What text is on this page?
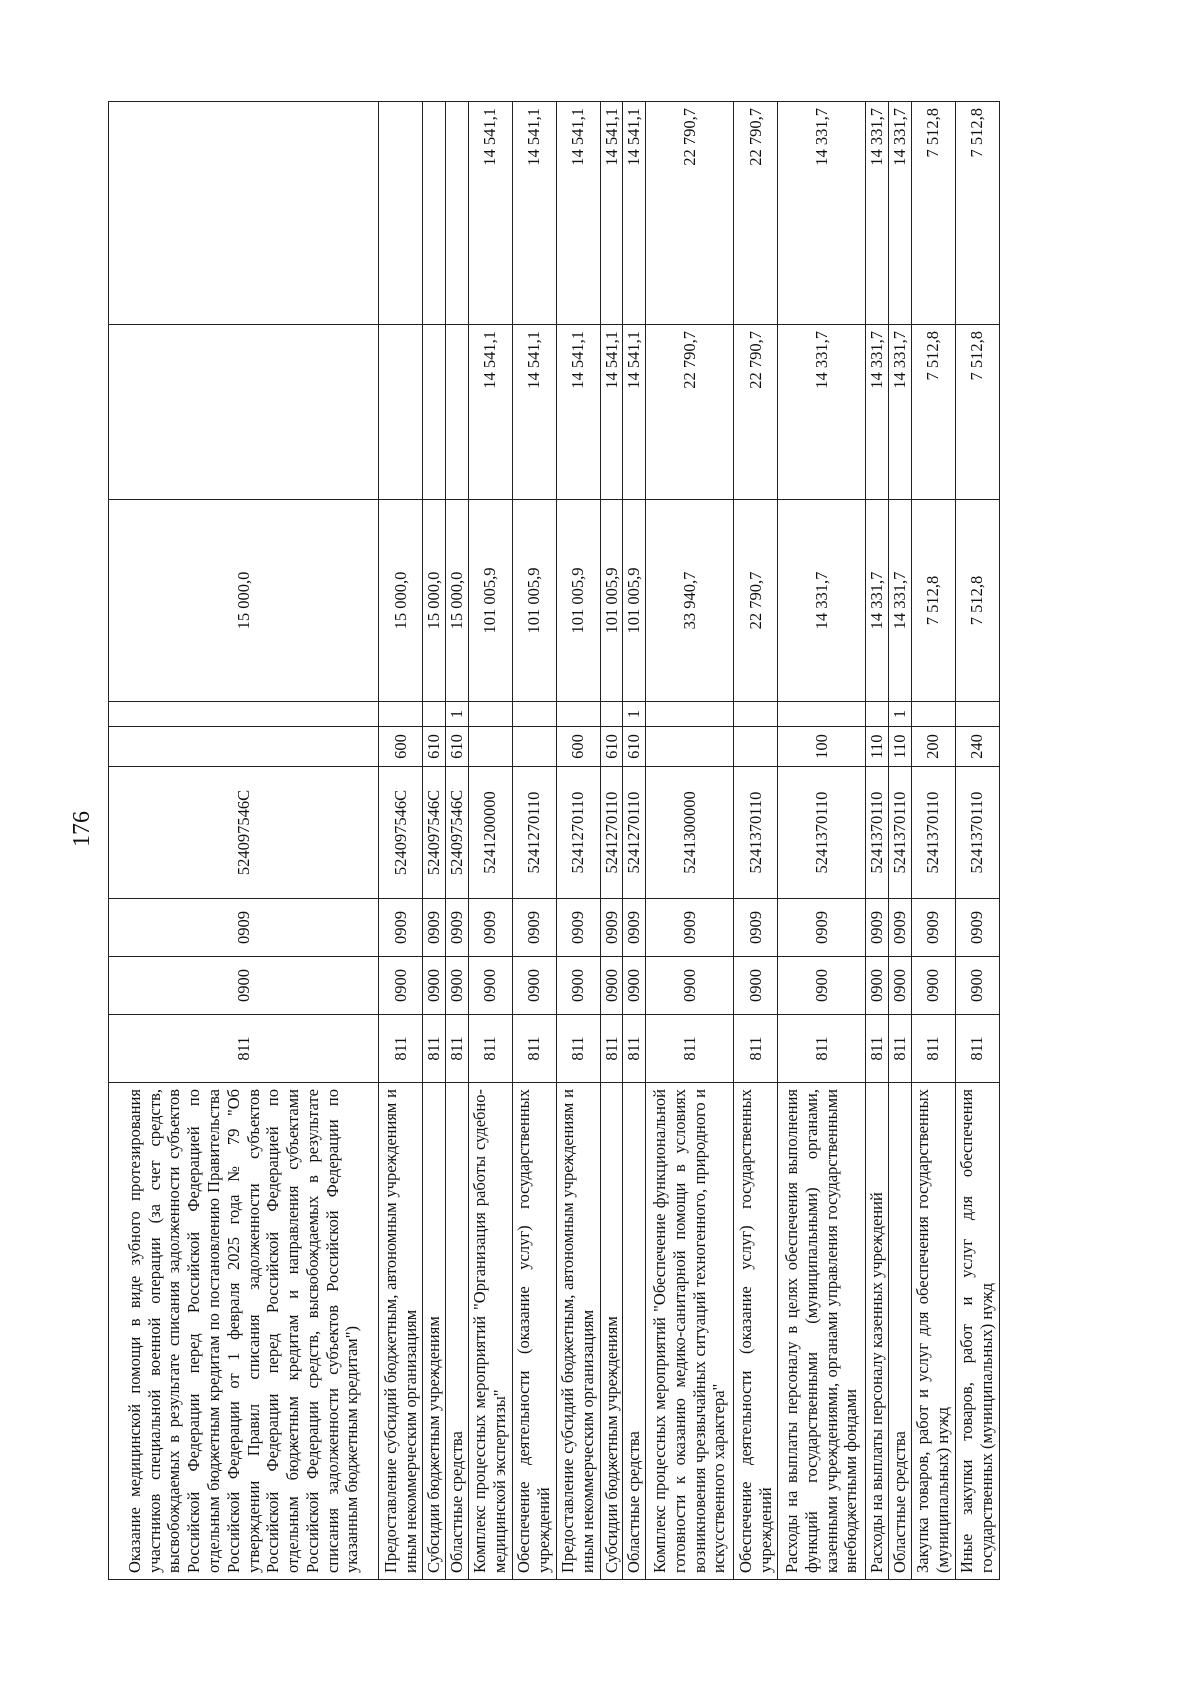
176
Оказание медицинской помощи в виде зубного протезирования участников специальной военной операции (за счет средств, высвобождаемых в результате списания задолженности субъектов Российской Федерации перед Российской Федерацией по отдельным бюджетным кредитам по постановлению Правительства Российской Федерации от 1 февраля 2025 года № 79 "Об утверждении Правил списания задолженности субъектов Российской Федерации перед Российской Федерацией по отдельным бюджетным кредитам и направления субъектами Российской Федерации средств, высвобождаемых в результате списания задолженности субъектов Российской Федерации по указанным бюджетным кредитам")	811	0900	0909	524097546C			15 000,0		
Предоставление субсидий бюджетным, автономным учреждениям и иным некоммерческим организациям	811	0900	0909	524097546C	600		15 000,0		
Субсидии бюджетным учреждениям	811	0900	0909	524097546C	610		15 000,0		
Областные средства	811	0900	0909	524097546C	610	1	15 000,0		
Комплекс процессных мероприятий "Организация работы судебно-медицинской экспертизы"	811	0900	0909	5241200000			101 005,9	14 541,1	14 541,1
Обеспечение деятельности (оказание услуг) государственных учреждений	811	0900	0909	5241270110			101 005,9	14 541,1	14 541,1
Предоставление субсидий бюджетным, автономным учреждениям и иным некоммерческим организациям	811	0900	0909	5241270110	600		101 005,9	14 541,1	14 541,1
Субсидии бюджетным учреждениям	811	0900	0909	5241270110	610		101 005,9	14 541,1	14 541,1
Областные средства	811	0900	0909	5241270110	610	1	101 005,9	14 541,1	14 541,1
Комплекс процессных мероприятий "Обеспечение функциональной готовности к оказанию медико-санитарной помощи в условиях возникновения чрезвычайных ситуаций техногенного, природного и искусственного характера"	811	0900	0909	5241300000			33 940,7	22 790,7	22 790,7
Обеспечение деятельности (оказание услуг) государственных учреждений	811	0900	0909	5241370110			22 790,7	22 790,7	22 790,7
Расходы на выплаты персоналу в целях обеспечения выполнения функций государственными (муниципальными) органами, казенными учреждениями, органами управления государственными внебюджетными фондами	811	0900	0909	5241370110	100		14 331,7	14 331,7	14 331,7
Расходы на выплаты персоналу казенных учреждений	811	0900	0909	5241370110	110		14 331,7	14 331,7	14 331,7
Областные средства	811	0900	0909	5241370110	110	1	14 331,7	14 331,7	14 331,7
Закупка товаров, работ и услуг для обеспечения государственных (муниципальных) нужд	811	0900	0909	5241370110	200		7 512,8	7 512,8	7 512,8
Иные закупки товаров, работ и услуг для обеспечения государственных (муниципальных) нужд	811	0900	0909	5241370110	240		7 512,8	7 512,8	7 512,8
